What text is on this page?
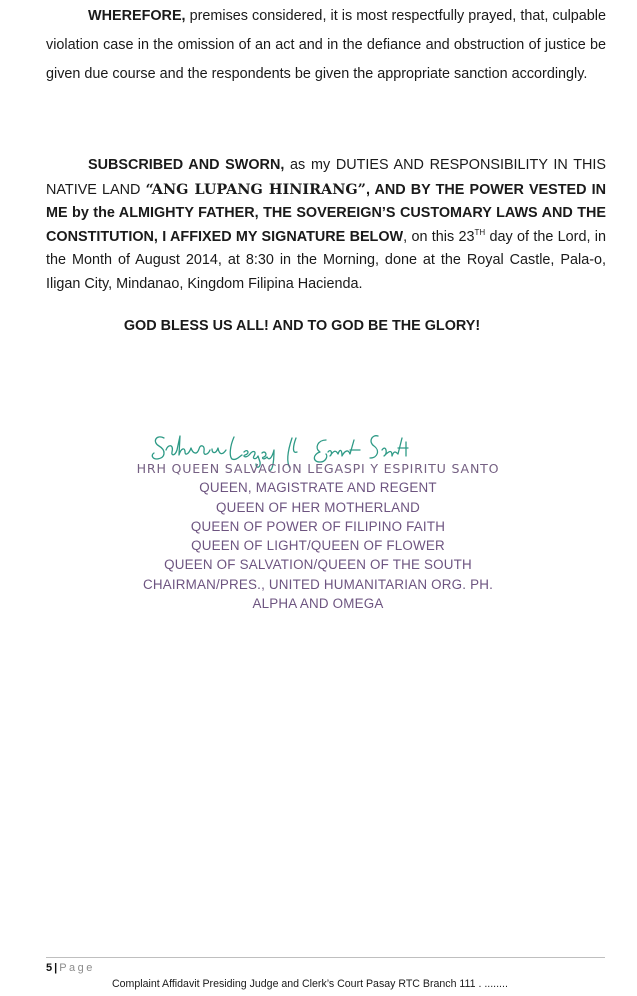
WHEREFORE, premises considered, it is most respectfully prayed, that, culpable violation case in the omission of an act and in the defiance and obstruction of justice be given due course and the respondents be given the appropriate sanction accordingly.

SUBSCRIBED AND SWORN, as my DUTIES AND RESPONSIBILITY IN THIS NATIVE LAND “ANG LUPANG HINIRANG”, AND BY THE POWER VESTED IN ME by the ALMIGHTY FATHER, THE SOVEREIGN’S CUSTOMARY LAWS AND THE CONSTITUTION, I AFFIXED MY SIGNATURE BELOW, on this 23TH day of the Lord, in the Month of August 2014, at 8:30 in the Morning, done at the Royal Castle, Pala-o, Iligan City, Mindanao, Kingdom Filipina Hacienda.

GOD BLESS US ALL! AND TO GOD BE THE GLORY!

HRH QUEEN SALVACION LEGASPI Y ESPIRITU SANTO
QUEEN, MAGISTRATE AND REGENT
QUEEN OF HER MOTHERLAND
QUEEN OF POWER OF FILIPINO FAITH
QUEEN OF LIGHT/QUEEN OF FLOWER
QUEEN OF SALVATION/QUEEN OF THE SOUTH
CHAIRMAN/PRES., UNITED HUMANITARIAN ORG. PH.
ALPHA AND OMEGA
5 | Page
Complaint Affidavit Presiding Judge and Clerk’s Court Pasay RTC Branch 111 . ........
